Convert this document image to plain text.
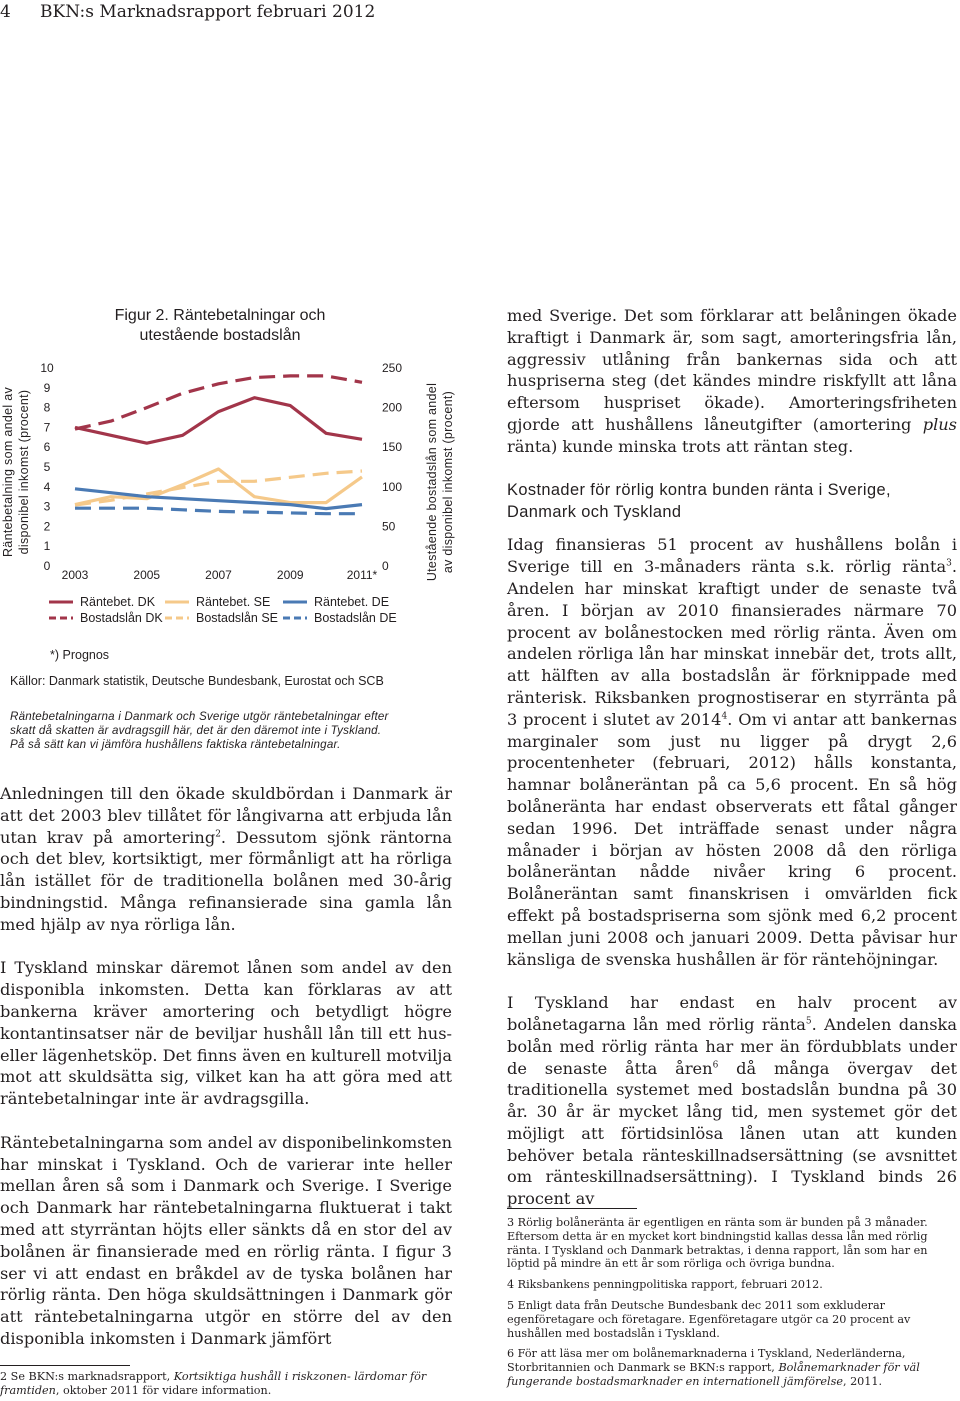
4 BKN:s Marknadsrapport februari 2012
0
1
2
3
4
5
6
7
8
9
10
0
50
100
150
200
250
2003	2005	2007	2009	2011*
Figur 2. Räntebetalningar och
utestående bostadslån
Räntebetalning som andel av disponibel inkomst (procent)	Utestående bostadslån som andel av disponibel inkomst (procent)
Räntebet. DK
Bostadslån DK
Räntebet. SE
Bostadslån SE
Räntebet. DE
Bostadslån DE
*) Prognos
Källor: Danmark statistik, Deutsche Bundesbank, Eurostat och SCB
Räntebetalningarna i Danmark och Sverige utgör räntebetalningar efter
skatt då skatten är avdragsgill här, det är den däremot inte i Tyskland.
På så sätt kan vi jämföra hushållens faktiska räntebetalningar.

Anledningen till den ökade skuldbördan i Danmark är att det 2003 blev tillåtet för långivarna att erbjuda lån utan krav på amortering$^2$. Dessutom sjönk räntorna och det blev, kortsiktigt, mer förmånligt att ha rörliga lån istället för de traditionella bolånen med 30-årig bindningstid. Många refinansierade sina gamla lån med hjälp av nya rörliga lån.

I Tyskland minskar däremot lånen som andel av den disponibla inkomsten. Detta kan förklaras av att bankerna kräver amortering och betydligt högre kontantinsatser när de beviljar hushåll lån till ett hus- eller lägenhetsköp. Det finns även en kulturell motvilja mot att skuldsätta sig, vilket kan ha att göra med att räntebetalningar inte är avdragsgilla.

Räntebetalningarna som andel av disponibelinkomsten har minskat i Tyskland. Och de varierar inte heller mellan åren så som i Danmark och Sverige. I Sverige och Danmark har räntebetalningarna fluktuerat i takt med att styrräntan höjts eller sänkts då en stor del av bolånen är finansierade med en rörlig ränta. I figur 3 ser vi att endast en bråkdel av de tyska bolånen har rörlig ränta. Den höga skuldsättningen i Danmark gör att räntebetalningarna utgör en större del av den disponibla inkomsten i Danmark jämfört

med Sverige. Det som förklarar att belåningen ökade kraftigt i Danmark är, som sagt, amorteringsfria lån, aggressiv utlåning från bankernas sida och att huspriserna steg (det kändes mindre riskfyllt att låna eftersom huspriset ökade). Amorteringsfriheten gjorde att hushållens låneutgifter (amortering plus ränta) kunde minska trots att räntan steg.

Kostnader för rörlig kontra bunden ränta i Sverige, Danmark och Tyskland

Idag finansieras 51 procent av hushållens bolån i Sverige till en 3-månaders ränta s.k. rörlig ränta$^3$. Andelen har minskat kraftigt under de senaste två åren. I början av 2010 finansierades närmare 70 procent av bolånestocken med rörlig ränta. Även om andelen rörliga lån har minskat innebär det, trots allt, att hälften av alla bostadslån är förknippade med ränterisk. Riksbanken prognostiserar en styrränta på 3 procent i slutet av 2014$^4$. Om vi antar att bankernas marginaler som just nu ligger på drygt 2,6 procentenheter (februari, 2012) hålls konstanta, hamnar bolåneräntan på ca 5,6 procent. En så hög bolåneränta har endast observerats ett fåtal gånger sedan 1996. Det inträffade senast under några månader i början av hösten 2008 då den rörliga bolåneräntan nådde nivåer kring 6 procent. Bolåneräntan samt finanskrisen i omvärlden fick effekt på bostadspriserna som sjönk med 6,2 procent mellan juni 2008 och januari 2009. Detta påvisar hur känsliga de svenska hushållen är för räntehöjningar.

I Tyskland har endast en halv procent av bolånetagarna lån med rörlig ränta$^5$. Andelen danska bolån med rörlig ränta har mer än fördubblats under de senaste åtta åren$^6$ då många övergav det traditionella systemet med bostadslån bundna på 30 år. 30 år är mycket lång tid, men systemet gör det möjligt att förtidsinlösa lånen utan att kunden behöver betala ränteskillnadsersättning (se avsnittet om ränteskillnadsersättning). I Tyskland binds 26 procent av

2 Se BKN:s marknadsrapport, Kortsiktiga hushåll i riskzonen- lärdomar för framtiden, oktober 2011 för vidare information.
3 Rörlig bolåneränta är egentligen en ränta som är bunden på 3 månader. Eftersom detta är en mycket kort bindningstid kallas dessa lån med rörlig ränta. I Tyskland och Danmark betraktas, i denna rapport, lån som har en löptid på mindre än ett år som rörliga och övriga bundna.
4 Riksbankens penningpolitiska rapport, februari 2012.
5 Enligt data från Deutsche Bundesbank dec 2011 som exkluderar egenföretagare och företagare. Egenföretagare utgör ca 20 procent av hushållen med bostadslån i Tyskland.
6 För att läsa mer om bolånemarknaderna i Tyskland, Nederländerna, Storbritannien och Danmark se BKN:s rapport, Bolånemarknader för väl fungerande bostadsmarknader en internationell jämförelse, 2011.
